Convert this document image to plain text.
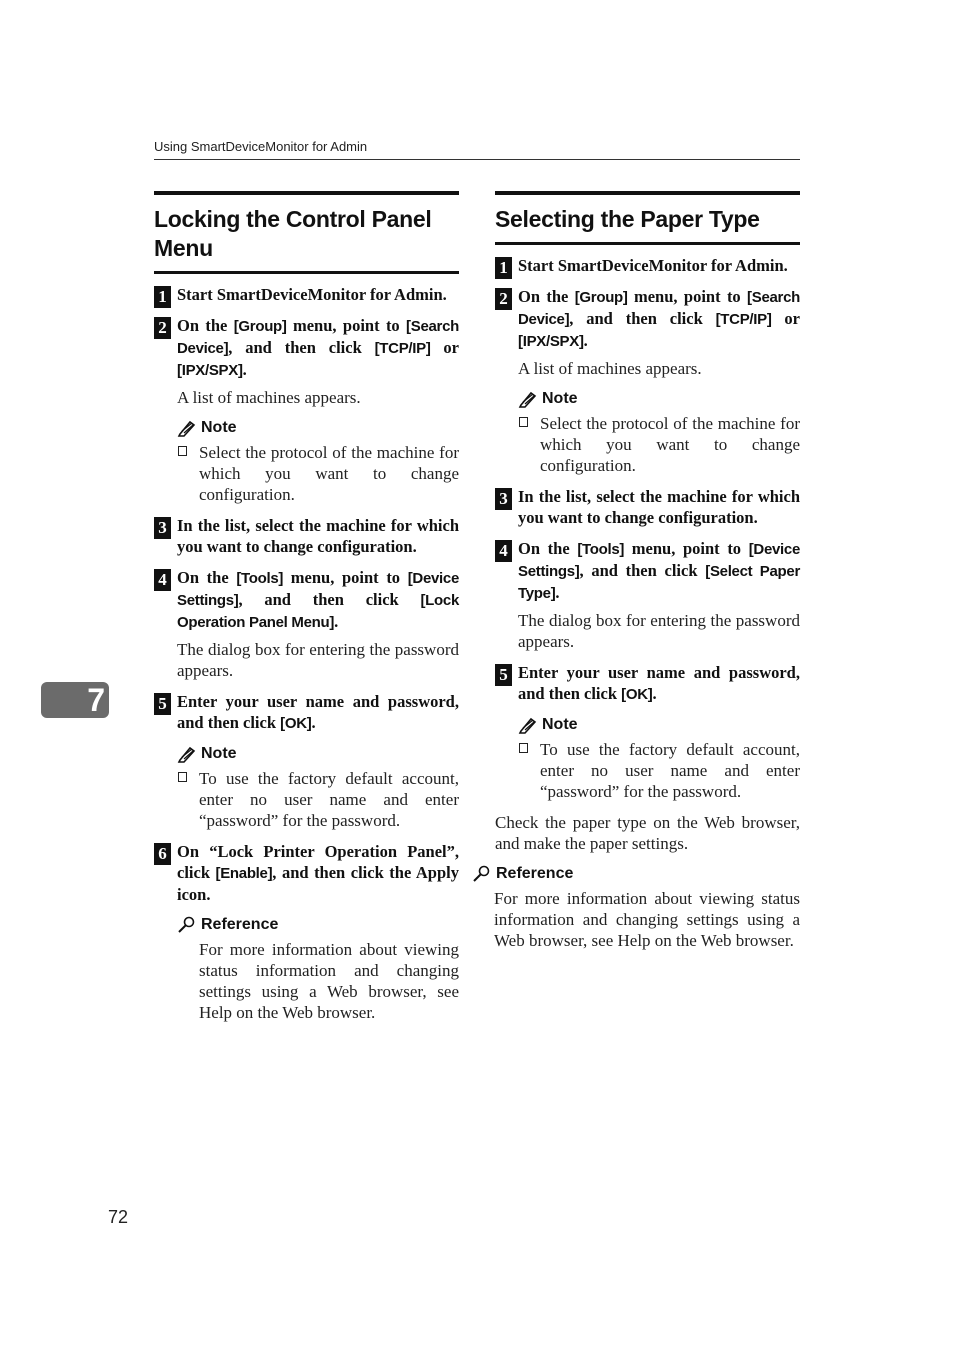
Using SmartDeviceMonitor for Admin
Locking the Control Panel Menu
1 Start SmartDeviceMonitor for Admin.
2 On the [Group] menu, point to [Search Device], and then click [TCP/IP] or [IPX/SPX].

A list of machines appears.

Note
Select the protocol of the machine for which you want to change configuration.
3 In the list, select the machine for which you want to change configuration.
4 On the [Tools] menu, point to [Device Settings], and then click [Lock Operation Panel Menu].

The dialog box for entering the password appears.

5 Enter your user name and password, and then click [OK].
Note
To use the factory default account, enter no user name and enter “password” for the password.
6 On “Lock Printer Operation Panel”, click [Enable], and then click the Apply icon.
Reference
For more information about viewing status information and changing settings using a Web browser, see Help on the Web browser.
Selecting the Paper Type
1 Start SmartDeviceMonitor for Admin.
2 On the [Group] menu, point to [Search Device], and then click [TCP/IP] or [IPX/SPX].

A list of machines appears.

Note
Select the protocol of the machine for which you want to change configuration.
3 In the list, select the machine for which you want to change configuration.
4 On the [Tools] menu, point to [Device Settings], and then click [Select Paper Type].

The dialog box for entering the password appears.

5 Enter your user name and password, and then click [OK].
Note
To use the factory default account, enter no user name and enter “password” for the password.

Check the paper type on the Web browser, and make the paper settings.

Reference
For more information about viewing status information and changing settings using a Web browser, see Help on the Web browser.
7
72
